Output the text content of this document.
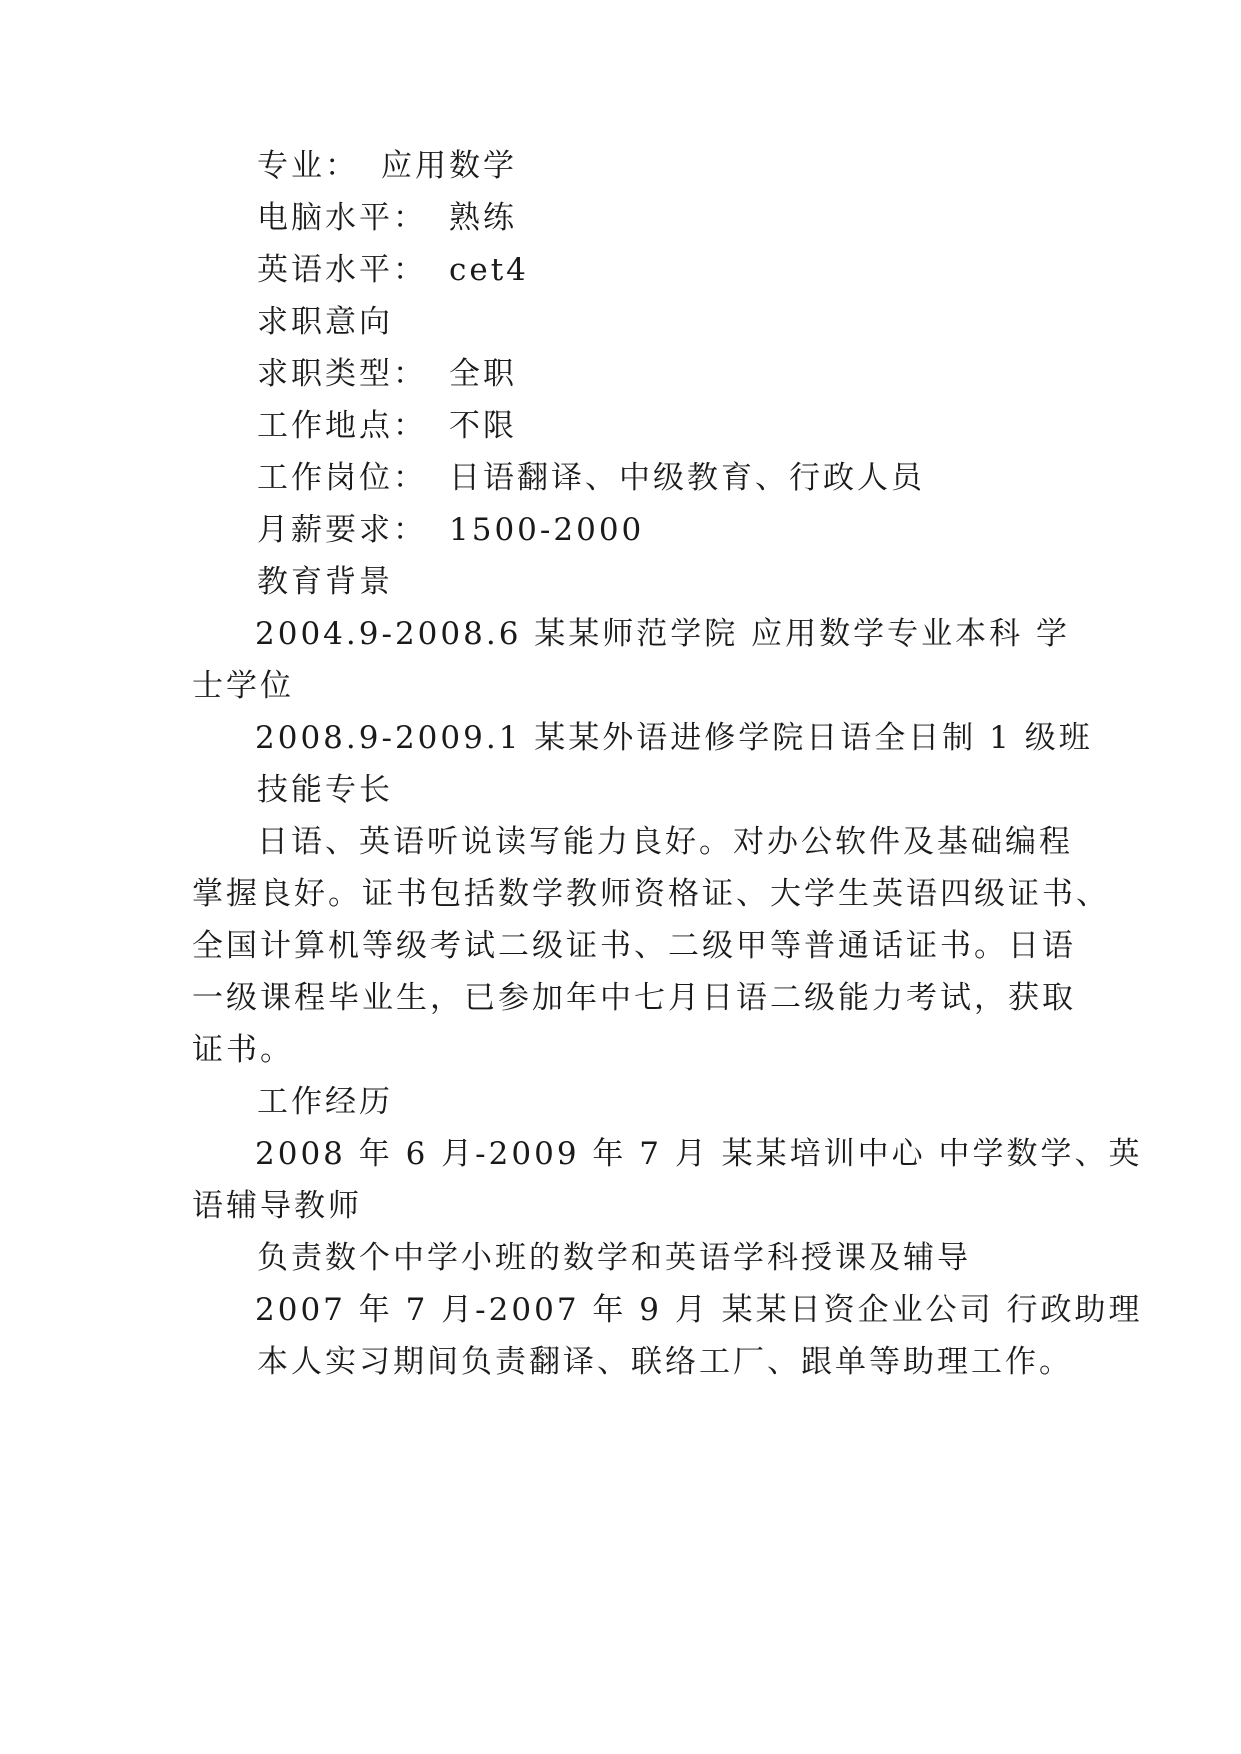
专业： 应用数学
电脑水平： 熟练
英语水平： cet4
求职意向
求职类型： 全职
工作地点： 不限
工作岗位： 日语翻译、中级教育、行政人员
月薪要求： 1500-2000
教育背景
2004.9-2008.6 某某师范学院 应用数学专业本科 学
士学位
2008.9-2009.1 某某外语进修学院日语全日制 1 级班
技能专长
日语、英语听说读写能力良好。对办公软件及基础编程
掌握良好。证书包括数学教师资格证、大学生英语四级证书、
全国计算机等级考试二级证书、二级甲等普通话证书。日语
一级课程毕业生，已参加年中七月日语二级能力考试，获取
证书。
工作经历
2008 年 6 月-2009 年 7 月 某某培训中心 中学数学、英
语辅导教师
负责数个中学小班的数学和英语学科授课及辅导
2007 年 7 月-2007 年 9 月 某某日资企业公司 行政助理
本人实习期间负责翻译、联络工厂、跟单等助理工作。
